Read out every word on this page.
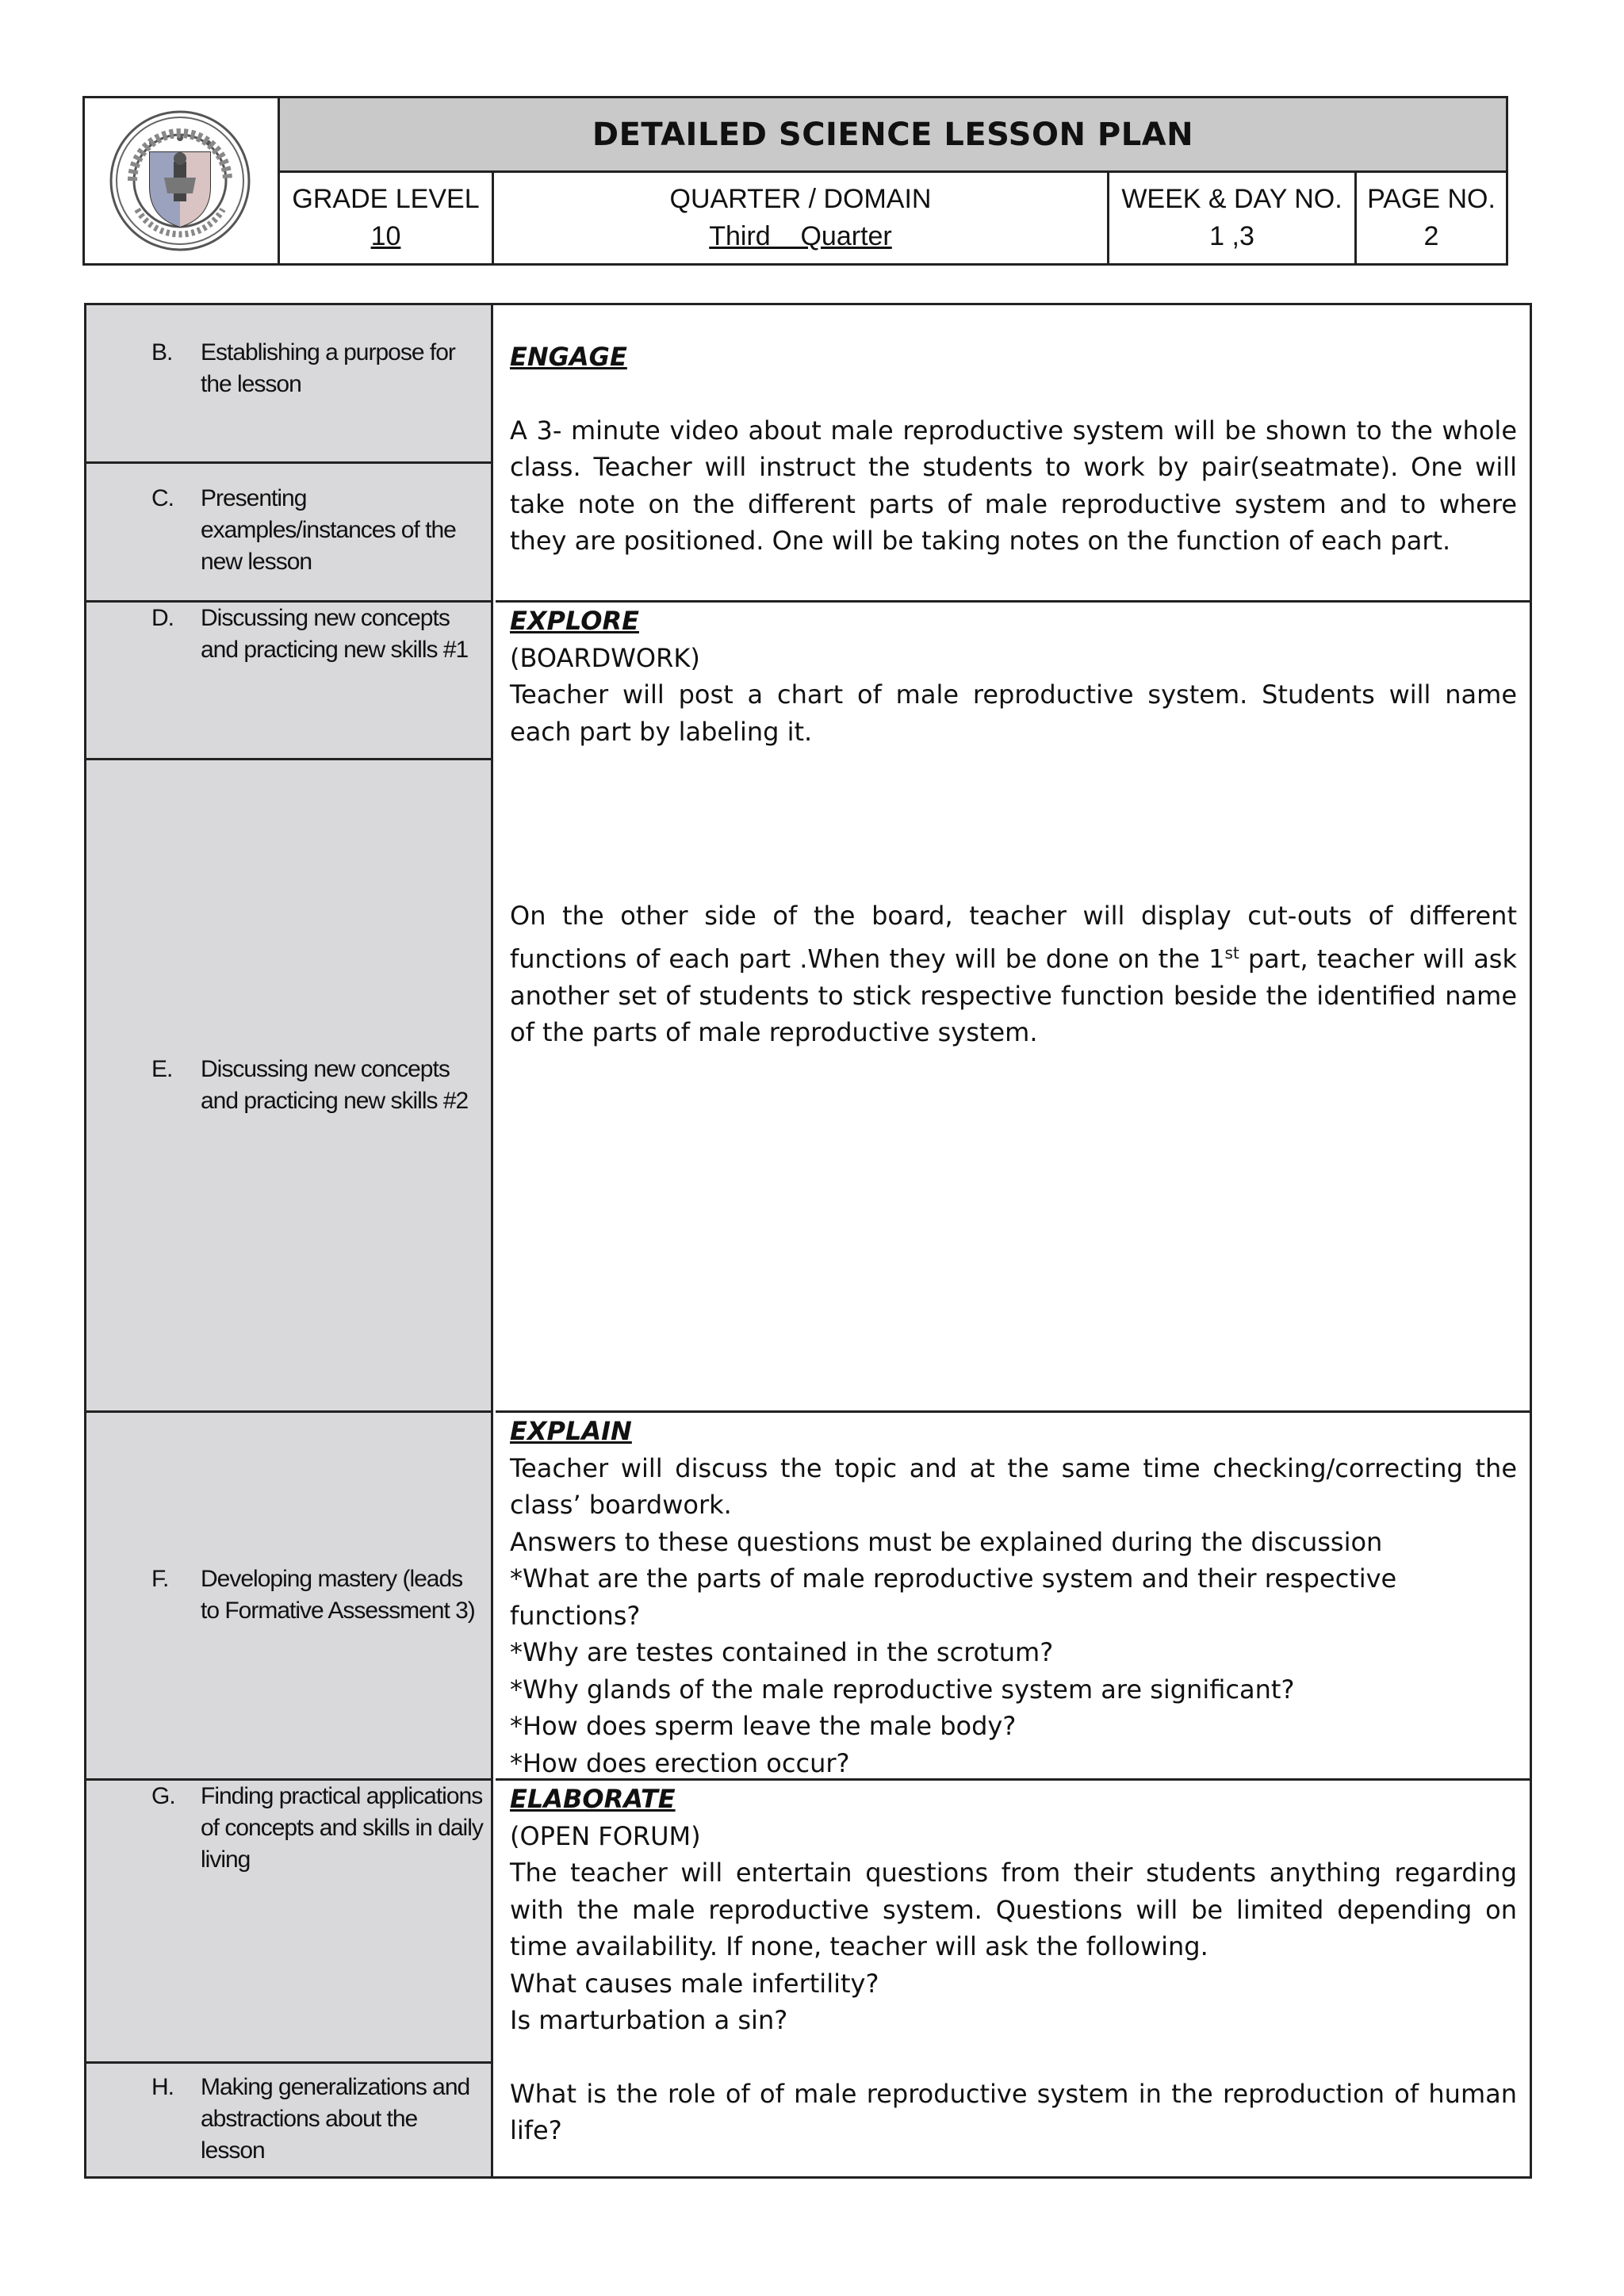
DETAILED SCIENCE LESSON PLAN
GRADE LEVEL
10
QUARTER / DOMAIN
Third    Quarter
WEEK & DAY NO.
1 ,3
PAGE NO.
2
B. Establishing a purpose for the lesson
C. Presenting examples/instances of the new lesson
D. Discussing new concepts and practicing new skills #1
E. Discussing new concepts and practicing new skills #2
F. Developing mastery (leads to Formative Assessment 3)
G. Finding practical applications of concepts and skills in daily living
H. Making generalizations and abstractions about the lesson

ENGAGE

A 3- minute video about male reproductive system will be shown to the whole class. Teacher will instruct the students to work by pair(seatmate). One will take note on the different parts of male reproductive system and to where they are positioned. One will be taking notes on the function of each part.

EXPLORE

(BOARDWORK)

Teacher will post a chart of male reproductive system. Students will name each part by labeling it.

On the other side of the board, teacher will display cut-outs of different functions of each part .When they will be done on the 1st part, teacher will ask another set of students to stick respective function beside the identified name of the parts of male reproductive system.

EXPLAIN

Teacher will discuss the topic and at the same time checking/correcting the class’ boardwork.

Answers to these questions must be explained during the discussion

*What are the parts of male reproductive system and their respective functions?

*Why are testes contained in the scrotum?

*Why glands of the male reproductive system are significant?

*How does sperm leave the male body?

*How does erection occur?

ELABORATE

(OPEN FORUM)

The teacher will entertain questions from their students anything regarding with the male reproductive system. Questions will be limited depending on time availability. If none, teacher will ask the following.

What causes male infertility?

Is marturbation a sin?

What is the role of of male reproductive system in the reproduction of human life?
